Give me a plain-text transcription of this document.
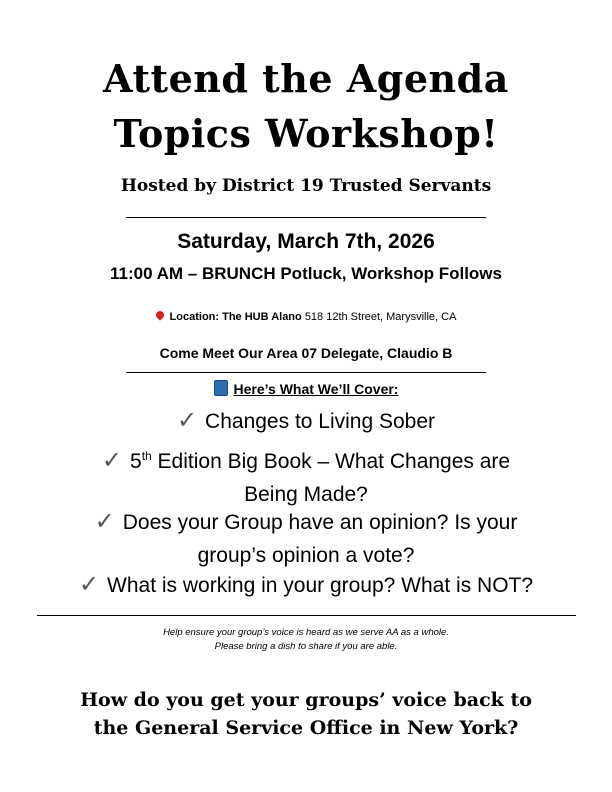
Attend the Agenda
Topics Workshop!
Hosted by District 19 Trusted Servants
Saturday, March 7th, 2026
11:00 AM – BRUNCH Potluck, Workshop Follows
Location: The HUB Alano 518 12th Street, Marysville, CA
Come Meet Our Area 07 Delegate, Claudio B
Here’s What We’ll Cover:
✓ Changes to Living Sober
✓ 5th Edition Big Book – What Changes are
Being Made?
✓ Does your Group have an opinion? Is your
group’s opinion a vote?
✓ What is working in your group? What is NOT?
Help ensure your group’s voice is heard as we serve AA as a whole.
Please bring a dish to share if you are able.
How do you get your groups’ voice back to
the General Service Office in New York?
